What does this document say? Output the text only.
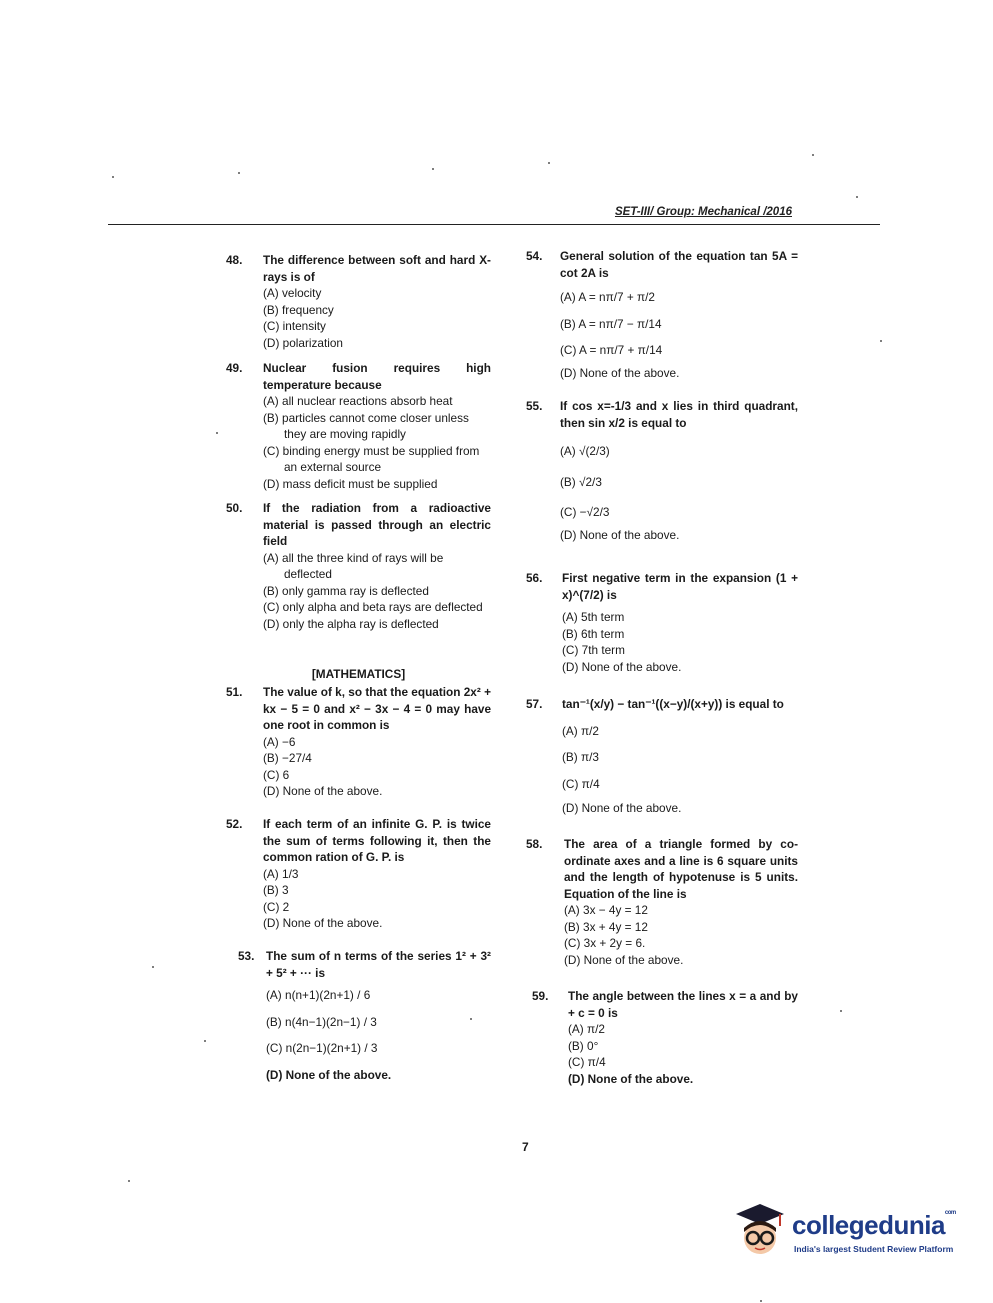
SET-III/ Group: Mechanical /2016
48.	The difference between soft and hard X-rays is of
(A) velocity
(B) frequency
(C) intensity
(D) polarization
49.	Nuclear fusion requires high temperature because
(A) all nuclear reactions absorb heat
(B) particles cannot come closer unless they are moving rapidly
(C) binding energy must be supplied from an external source
(D) mass deficit must be supplied
50.	If the radiation from a radioactive material is passed through an electric field
(A) all the three kind of rays will be deflected
(B) only gamma ray is deflected
(C) only alpha and beta rays are deflected
(D) only the alpha ray is deflected
[MATHEMATICS]
51.	The value of k, so that the equation 2x² + kx − 5 = 0 and x² − 3x − 4 = 0 may have one root in common is
(A) −6
(B) −27/4
(C) 6
(D) None of the above.
52.	If each term of an infinite G. P. is twice the sum of terms following it, then the common ration of G. P. is
(A) 1/3
(B) 3
(C) 2
(D) None of the above.
53. The sum of n terms of the series 1² + 3² + 5² + ··· is
(A) n(n+1)(2n+1) / 6
(B) n(4n−1)(2n−1) / 3
(C) n(2n−1)(2n+1) / 3
(D) None of the above.
54.	General solution of the equation tan 5A = cot 2A is
(A) A = nπ/7 + π/2
(B) A = nπ/7 − π/14
(C) A = nπ/7 + π/14
(D) None of the above.
55.	If cos x=-1/3 and x lies in third quadrant, then sin x/2 is equal to
(A) √(2/3)
(B) √2/3
(C) −√2/3
(D) None of the above.
56.	First negative term in the expansion (1 + x)^(7/2) is
(A) 5th term
(B) 6th term
(C) 7th term
(D) None of the above.
57.	tan⁻¹(x/y) − tan⁻¹((x−y)/(x+y)) is equal to
(A) π/2
(B) π/3
(C) π/4
(D) None of the above.
58.	The area of a triangle formed by co-ordinate axes and a line is 6 square units and the length of hypotenuse is 5 units. Equation of the line is
(A) 3x − 4y = 12
(B) 3x + 4y = 12
(C) 3x + 2y = 6.
(D) None of the above.
59.	The angle between the lines x = a and by + c = 0 is
(A) π/2
(B) 0°
(C) π/4
(D) None of the above.
7
collegedunia$^{com}$
India's largest Student Review Platform
